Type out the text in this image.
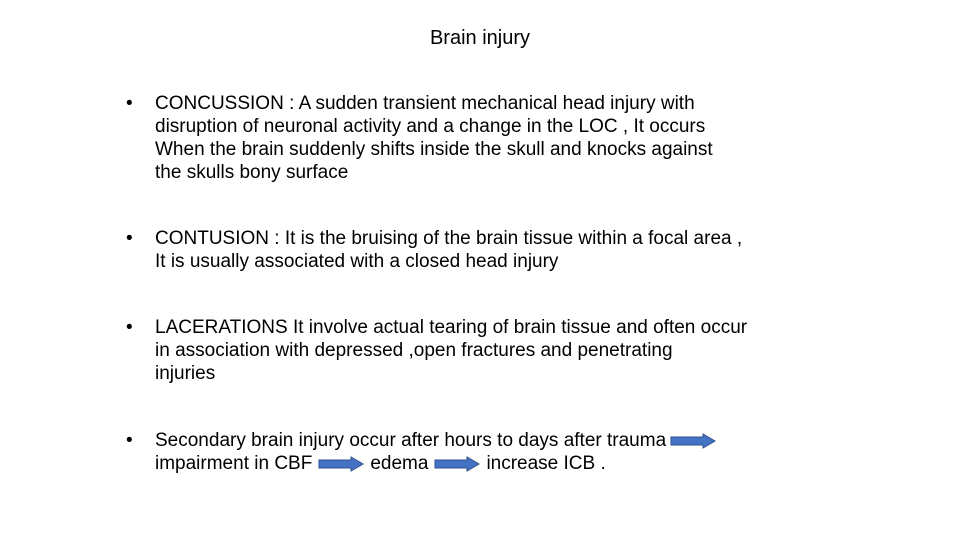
Brain injury
•	CONCUSSION : A sudden transient mechanical head injury with
disruption of neuronal activity and a change in the LOC , It occurs
When the brain suddenly shifts inside the skull and knocks against
the skulls bony surface
•	CONTUSION : It is the bruising of the brain tissue within a focal area ,
It is usually associated with a closed head injury
•	LACERATIONS It involve actual tearing of brain tissue and often occur
in association with depressed ,open fractures and penetrating
injuries
•	Secondary brain injury occur after hours to days after trauma
impairment in CBF	edema	increase ICB .
